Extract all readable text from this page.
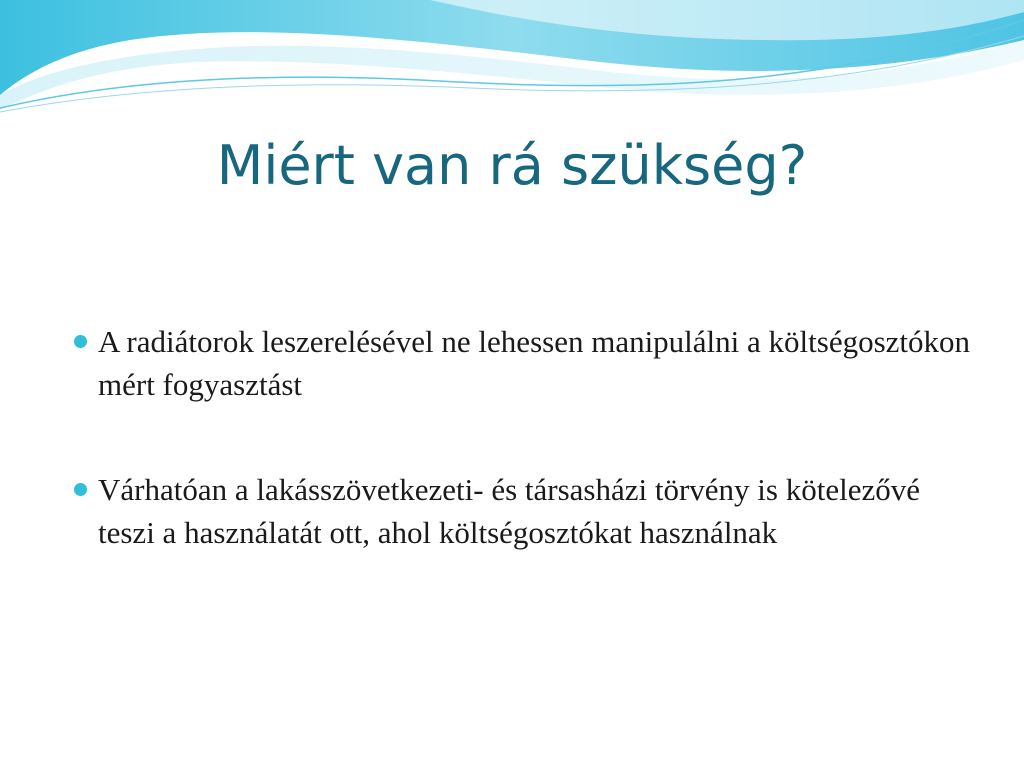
Miért van rá szükség?
A radiátorok leszerelésével ne lehessen manipulálni a költségosztókon mért fogyasztást
Várhatóan a lakásszövetkezeti- és társasházi törvény is kötelezővé teszi a használatát ott, ahol költségosztókat használnak
